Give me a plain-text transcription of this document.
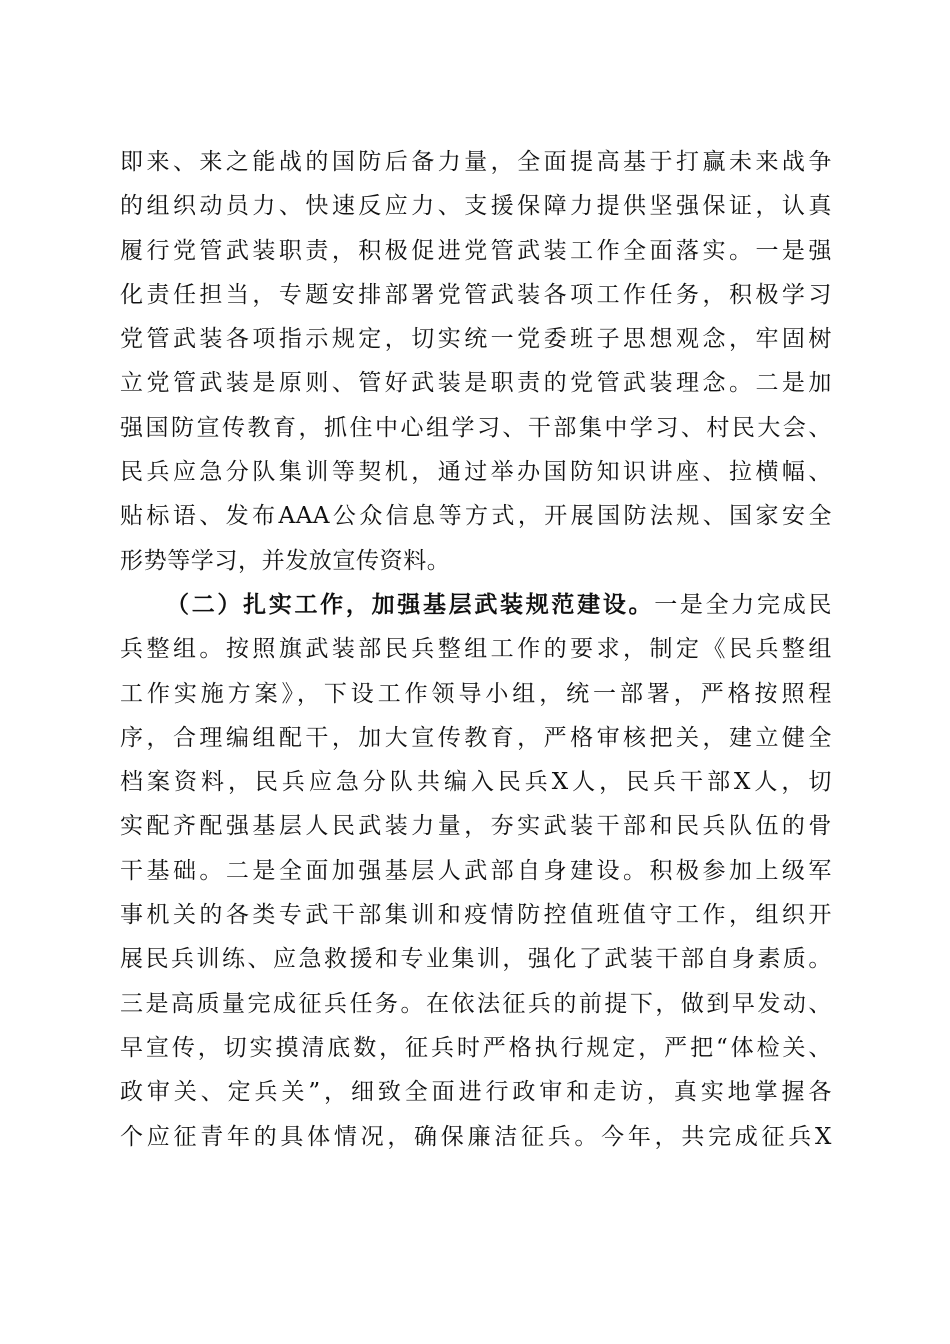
即来、来之能战的国防后备力量，全面提高基于打赢未来战争
的组织动员力、快速反应力、支援保障力提供坚强保证，认真
履行党管武装职责，积极促进党管武装工作全面落实。一是强
化责任担当，专题安排部署党管武装各项工作任务，积极学习
党管武装各项指示规定，切实统一党委班子思想观念，牢固树
立党管武装是原则、管好武装是职责的党管武装理念。二是加
强国防宣传教育，抓住中心组学习、干部集中学习、村民大会、
民兵应急分队集训等契机，通过举办国防知识讲座、拉横幅、
贴标语、发布AAA公众信息等方式，开展国防法规、国家安全
形势等学习，并发放宣传资料。
（二）扎实工作，加强基层武装规范建设。一是全力完成民
兵整组。按照旗武装部民兵整组工作的要求，制定《民兵整组
工作实施方案》，下设工作领导小组，统一部署，严格按照程
序，合理编组配干，加大宣传教育，严格审核把关，建立健全
档案资料，民兵应急分队共编入民兵X人，民兵干部X人，切
实配齐配强基层人民武装力量，夯实武装干部和民兵队伍的骨
干基础。二是全面加强基层人武部自身建设。积极参加上级军
事机关的各类专武干部集训和疫情防控值班值守工作，组织开
展民兵训练、应急救援和专业集训，强化了武装干部自身素质。
三是高质量完成征兵任务。在依法征兵的前提下，做到早发动、
早宣传，切实摸清底数，征兵时严格执行规定，严把“体检关、
政审关、定兵关”，细致全面进行政审和走访，真实地掌握各
个应征青年的具体情况，确保廉洁征兵。今年，共完成征兵X
